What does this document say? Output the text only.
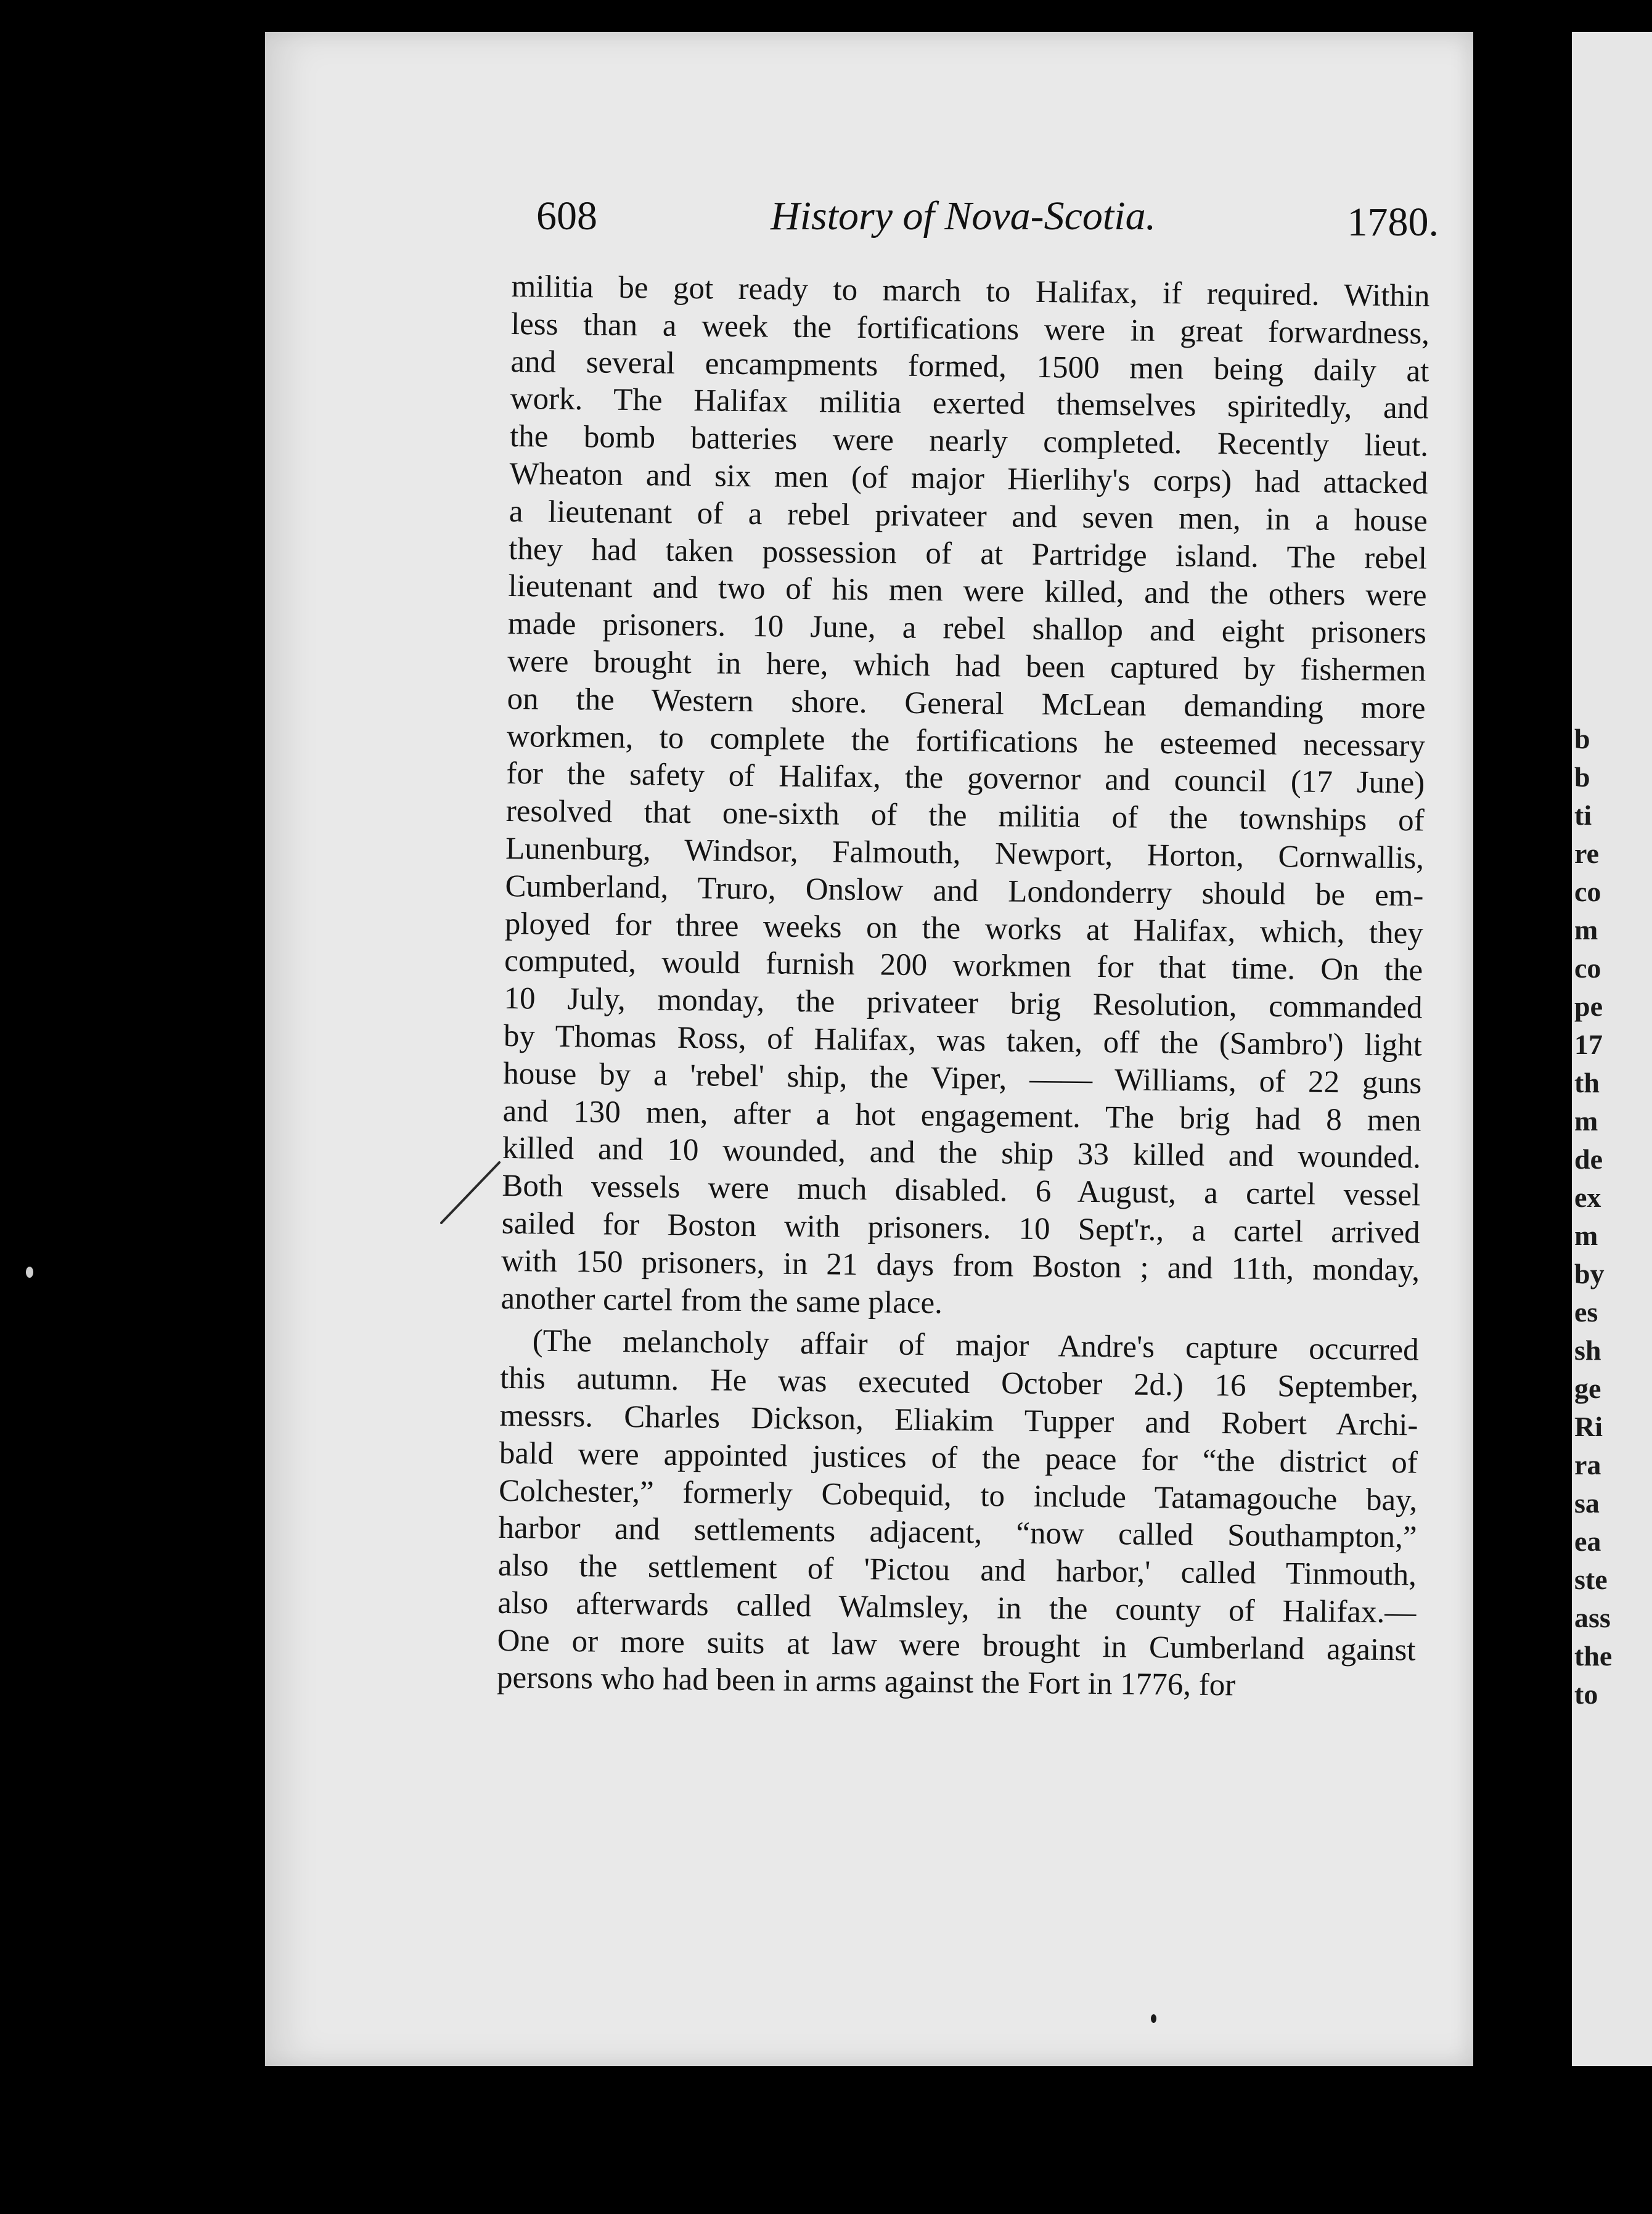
b
b
ti
re
co
m
co
pe
17
th
m
de
ex
m
by
es
sh
ge
Ri
ra
sa
ea
ste
ass
the
to
608	History of Nova-Scotia.	1780.
militia be got ready to march to Halifax, if required. Within
less than a week the fortifications were in great forwardness,
and several encampments formed, 1500 men being daily at
work. The Halifax militia exerted themselves spiritedly, and
the bomb batteries were nearly completed. Recently lieut.
Wheaton and six men (of major Hierlihy's corps) had attacked
a lieutenant of a rebel privateer and seven men, in a house
they had taken possession of at Partridge island. The rebel
lieutenant and two of his men were killed, and the others were
made prisoners. 10 June, a rebel shallop and eight prisoners
were brought in here, which had been captured by fishermen
on the Western shore. General McLean demanding more
workmen, to complete the fortifications he esteemed necessary
for the safety of Halifax, the governor and council (17 June)
resolved that one-sixth of the militia of the townships of
Lunenburg, Windsor, Falmouth, Newport, Horton, Cornwallis,
Cumberland, Truro, Onslow and Londonderry should be em-
ployed for three weeks on the works at Halifax, which, they
computed, would furnish 200 workmen for that time. On the
10 July, monday, the privateer brig Resolution, commanded
by Thomas Ross, of Halifax, was taken, off the (Sambro') light
house by a 'rebel' ship, the Viper, —— Williams, of 22 guns
and 130 men, after a hot engagement. The brig had 8 men
killed and 10 wounded, and the ship 33 killed and wounded.
Both vessels were much disabled. 6 August, a cartel vessel
sailed for Boston with prisoners. 10 Sept'r., a cartel arrived
with 150 prisoners, in 21 days from Boston ; and 11th, monday,
another cartel from the same place.
(The melancholy affair of major Andre's capture occurred
this autumn. He was executed October 2d.) 16 September,
messrs. Charles Dickson, Eliakim Tupper and Robert Archi-
bald were appointed justices of the peace for “the district of
Colchester,” formerly Cobequid, to include Tatamagouche bay,
harbor and settlements adjacent, “now called Southampton,”
also the settlement of 'Pictou and harbor,' called Tinmouth,
also afterwards called Walmsley, in the county of Halifax.—
One or more suits at law were brought in Cumberland against
persons who had been in arms against the Fort in 1776, for
